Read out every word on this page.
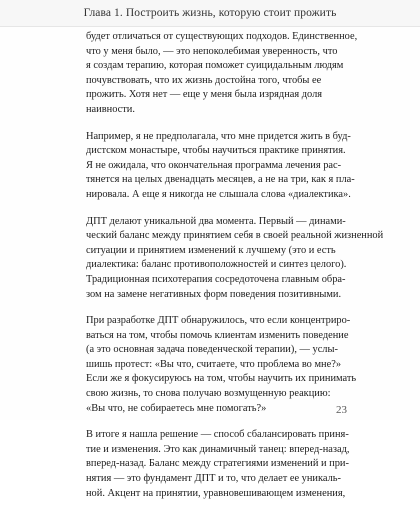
Глава 1. Построить жизнь, которую стоит прожить
будет отличаться от существующих подходов. Единственное,
что у меня было, — это непоколебимая уверенность, что
я создам терапию, которая поможет суицидальным людям
почувствовать, что их жизнь достойна того, чтобы ее
прожить. Хотя нет — еще у меня была изрядная доля
наивности.
Например, я не предполагала, что мне придется жить в буд-
дистском монастыре, чтобы научиться практике принятия.
Я не ожидала, что окончательная программа лечения рас-
тянется на целых двенадцать месяцев, а не на три, как я пла-
нировала. А еще я никогда не слышала слова «диалектика».
ДПТ делают уникальной два момента. Первый — динами-
ческий баланс между принятием себя в своей реальной жизненной
ситуации и принятием изменений к лучшему (это и есть
диалектика: баланс противоположностей и синтез целого).
Традиционная психотерапия сосредоточена главным обра-
зом на замене негативных форм поведения позитивными.
При разработке ДПТ обнаружилось, что если концентриро-
ваться на том, чтобы помочь клиентам изменить поведение
(а это основная задача поведенческой терапии), — услы-
шишь протест: «Вы что, считаете, что проблема во мне?»
Если же я фокусируюсь на том, чтобы научить их принимать
свою жизнь, то снова получаю возмущенную реакцию:
«Вы что, не собираетесь мне помогать?»
В итоге я нашла решение — способ сбалансировать приня-
тие и изменения. Это как динамичный танец: вперед-назад,
вперед-назад. Баланс между стратегиями изменений и при-
нятия — это фундамент ДПТ и то, что делает ее уникаль-
ной. Акцент на принятии, уравновешивающем изменения,
23
